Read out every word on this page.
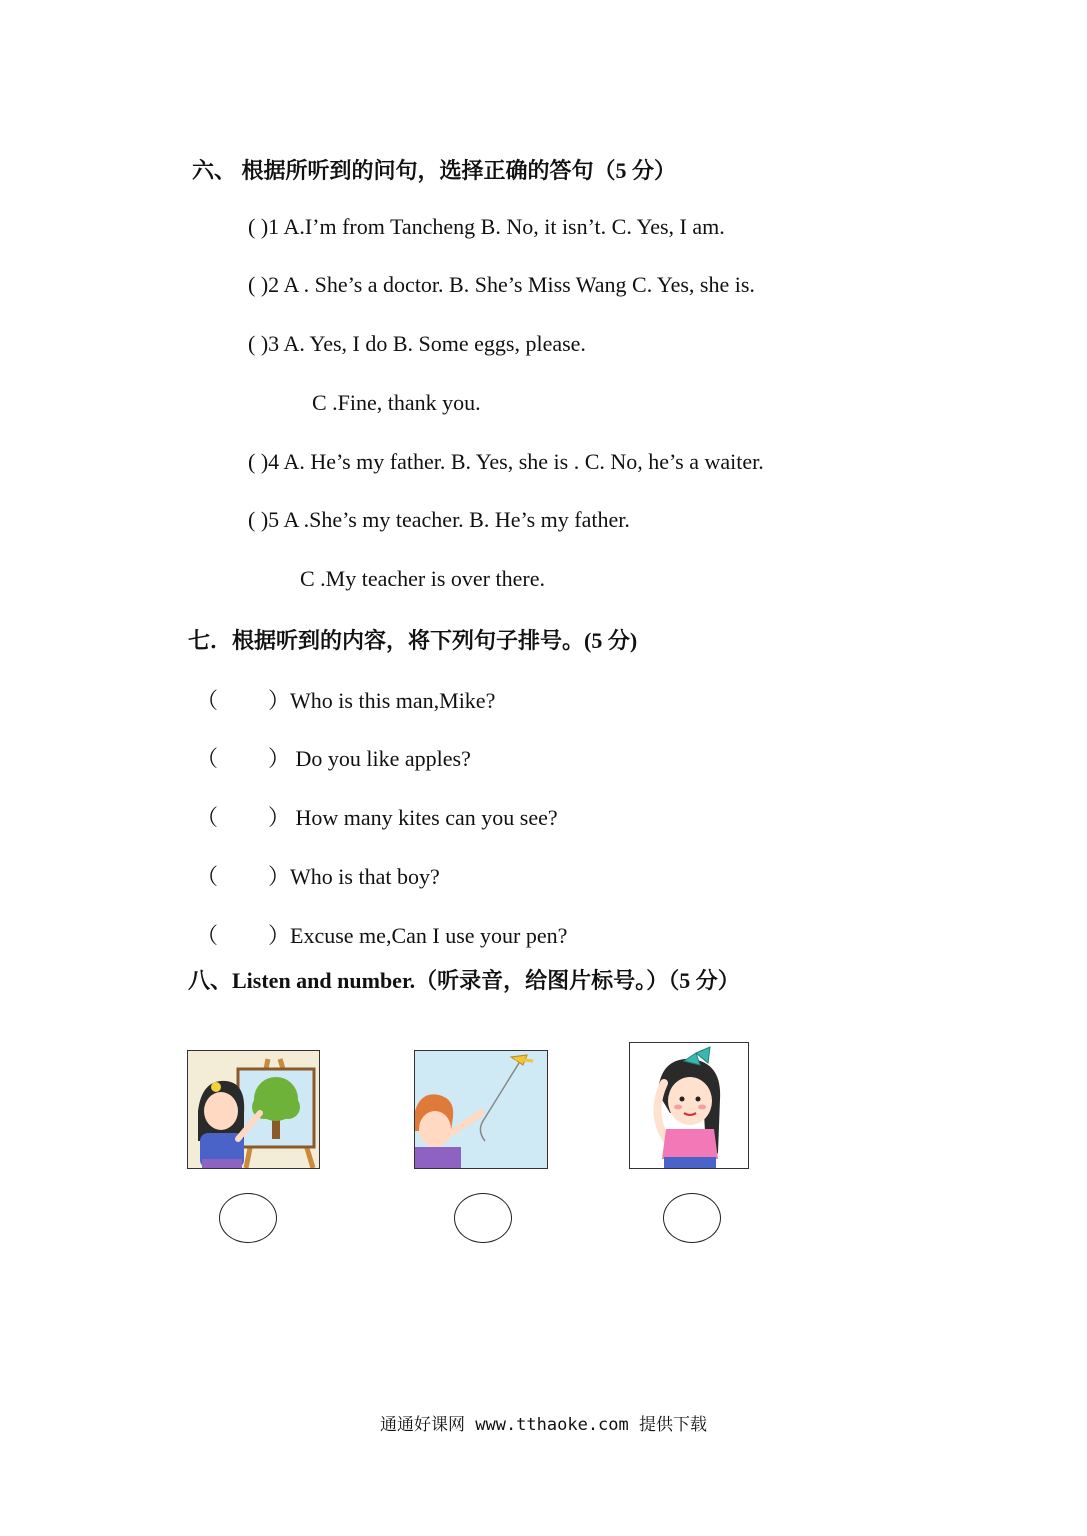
六、 根据所听到的问句，选择正确的答句（5 分）
( )1 A.I’m from Tancheng B. No, it isn’t. C. Yes, I am.
( )2 A . She’s a doctor. B. She’s Miss Wang C. Yes, she is.
( )3 A. Yes, I do B. Some eggs, please.
C .Fine, thank you.
( )4 A. He’s my father. B. Yes, she is . C. No, he’s a waiter.
( )5 A .She’s my teacher. B. He’s my father.
C .My teacher is over there.
七．根据听到的内容，将下列句子排号。(5 分)
（ ）Who is this man,Mike?
（ ） Do you like apples?
（ ） How many kites can you see?
（ ）Who is that boy?
（ ）Excuse me,Can I use your pen?
八、Listen and number.（听录音，给图片标号。）（5 分）
通通好课网 www.tthaoke.com 提供下载
